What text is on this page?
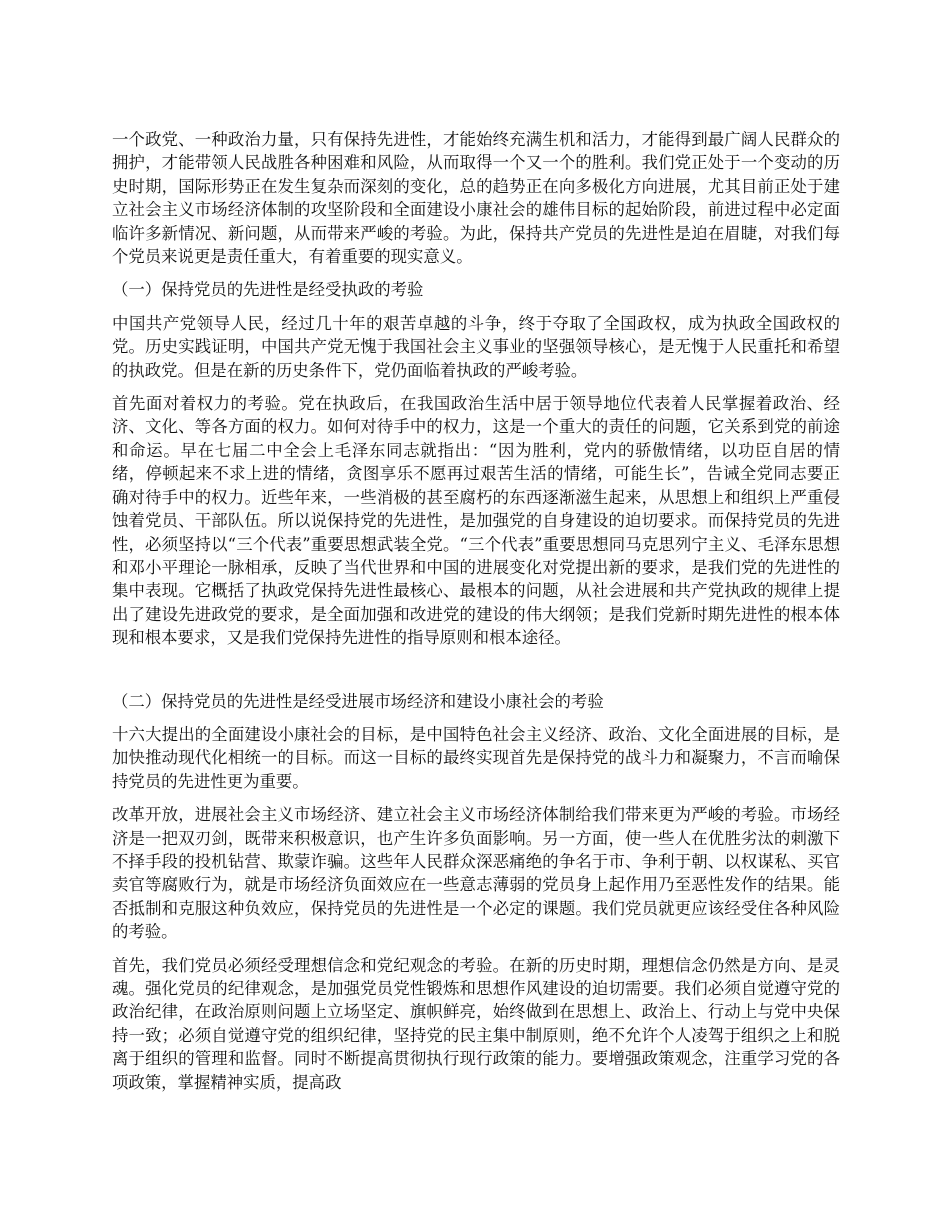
一个政党、一种政治力量，只有保持先进性，才能始终充满生机和活力，才能得到最广阔人民群众的拥护，才能带领人民战胜各种困难和风险，从而取得一个又一个的胜利。我们党正处于一个变动的历史时期，国际形势正在发生复杂而深刻的变化，总的趋势正在向多极化方向进展，尤其目前正处于建立社会主义市场经济体制的攻坚阶段和全面建设小康社会的雄伟目标的起始阶段，前进过程中必定面临许多新情况、新问题，从而带来严峻的考验。为此，保持共产党员的先进性是迫在眉睫，对我们每个党员来说更是责任重大，有着重要的现实意义。

（一）保持党员的先进性是经受执政的考验

中国共产党领导人民，经过几十年的艰苦卓越的斗争，终于夺取了全国政权，成为执政全国政权的党。历史实践证明，中国共产党无愧于我国社会主义事业的坚强领导核心，是无愧于人民重托和希望的执政党。但是在新的历史条件下，党仍面临着执政的严峻考验。

首先面对着权力的考验。党在执政后，在我国政治生活中居于领导地位代表着人民掌握着政治、经济、文化、等各方面的权力。如何对待手中的权力，这是一个重大的责任的问题，它关系到党的前途和命运。早在七届二中全会上毛泽东同志就指出：“因为胜利，党内的骄傲情绪，以功臣自居的情绪，停顿起来不求上进的情绪，贪图享乐不愿再过艰苦生活的情绪，可能生长”，告诫全党同志要正确对待手中的权力。近些年来，一些消极的甚至腐朽的东西逐渐滋生起来，从思想上和组织上严重侵蚀着党员、干部队伍。所以说保持党的先进性，是加强党的自身建设的迫切要求。而保持党员的先进性，必须坚持以“三个代表”重要思想武装全党。“三个代表”重要思想同马克思列宁主义、毛泽东思想和邓小平理论一脉相承，反映了当代世界和中国的进展变化对党提出新的要求，是我们党的先进性的集中表现。它概括了执政党保持先进性最核心、最根本的问题，从社会进展和共产党执政的规律上提出了建设先进政党的要求，是全面加强和改进党的建设的伟大纲领；是我们党新时期先进性的根本体现和根本要求，又是我们党保持先进性的指导原则和根本途径。

（二）保持党员的先进性是经受进展市场经济和建设小康社会的考验

十六大提出的全面建设小康社会的目标，是中国特色社会主义经济、政治、文化全面进展的目标，是加快推动现代化相统一的目标。而这一目标的最终实现首先是保持党的战斗力和凝聚力，不言而喻保持党员的先进性更为重要。

改革开放，进展社会主义市场经济、建立社会主义市场经济体制给我们带来更为严峻的考验。市场经济是一把双刃剑，既带来积极意识，也产生许多负面影响。另一方面，使一些人在优胜劣汰的刺激下不择手段的投机钻营、欺蒙诈骗。这些年人民群众深恶痛绝的争名于市、争利于朝、以权谋私、买官卖官等腐败行为，就是市场经济负面效应在一些意志薄弱的党员身上起作用乃至恶性发作的结果。能否抵制和克服这种负效应，保持党员的先进性是一个必定的课题。我们党员就更应该经受住各种风险的考验。

首先，我们党员必须经受理想信念和党纪观念的考验。在新的历史时期，理想信念仍然是方向、是灵魂。强化党员的纪律观念，是加强党员党性锻炼和思想作风建设的迫切需要。我们必须自觉遵守党的政治纪律，在政治原则问题上立场坚定、旗帜鲜亮，始终做到在思想上、政治上、行动上与党中央保持一致；必须自觉遵守党的组织纪律，坚持党的民主集中制原则，绝不允许个人凌驾于组织之上和脱离于组织的管理和监督。同时不断提高贯彻执行现行政策的能力。要增强政策观念，注重学习党的各项政策，掌握精神实质，提高政
